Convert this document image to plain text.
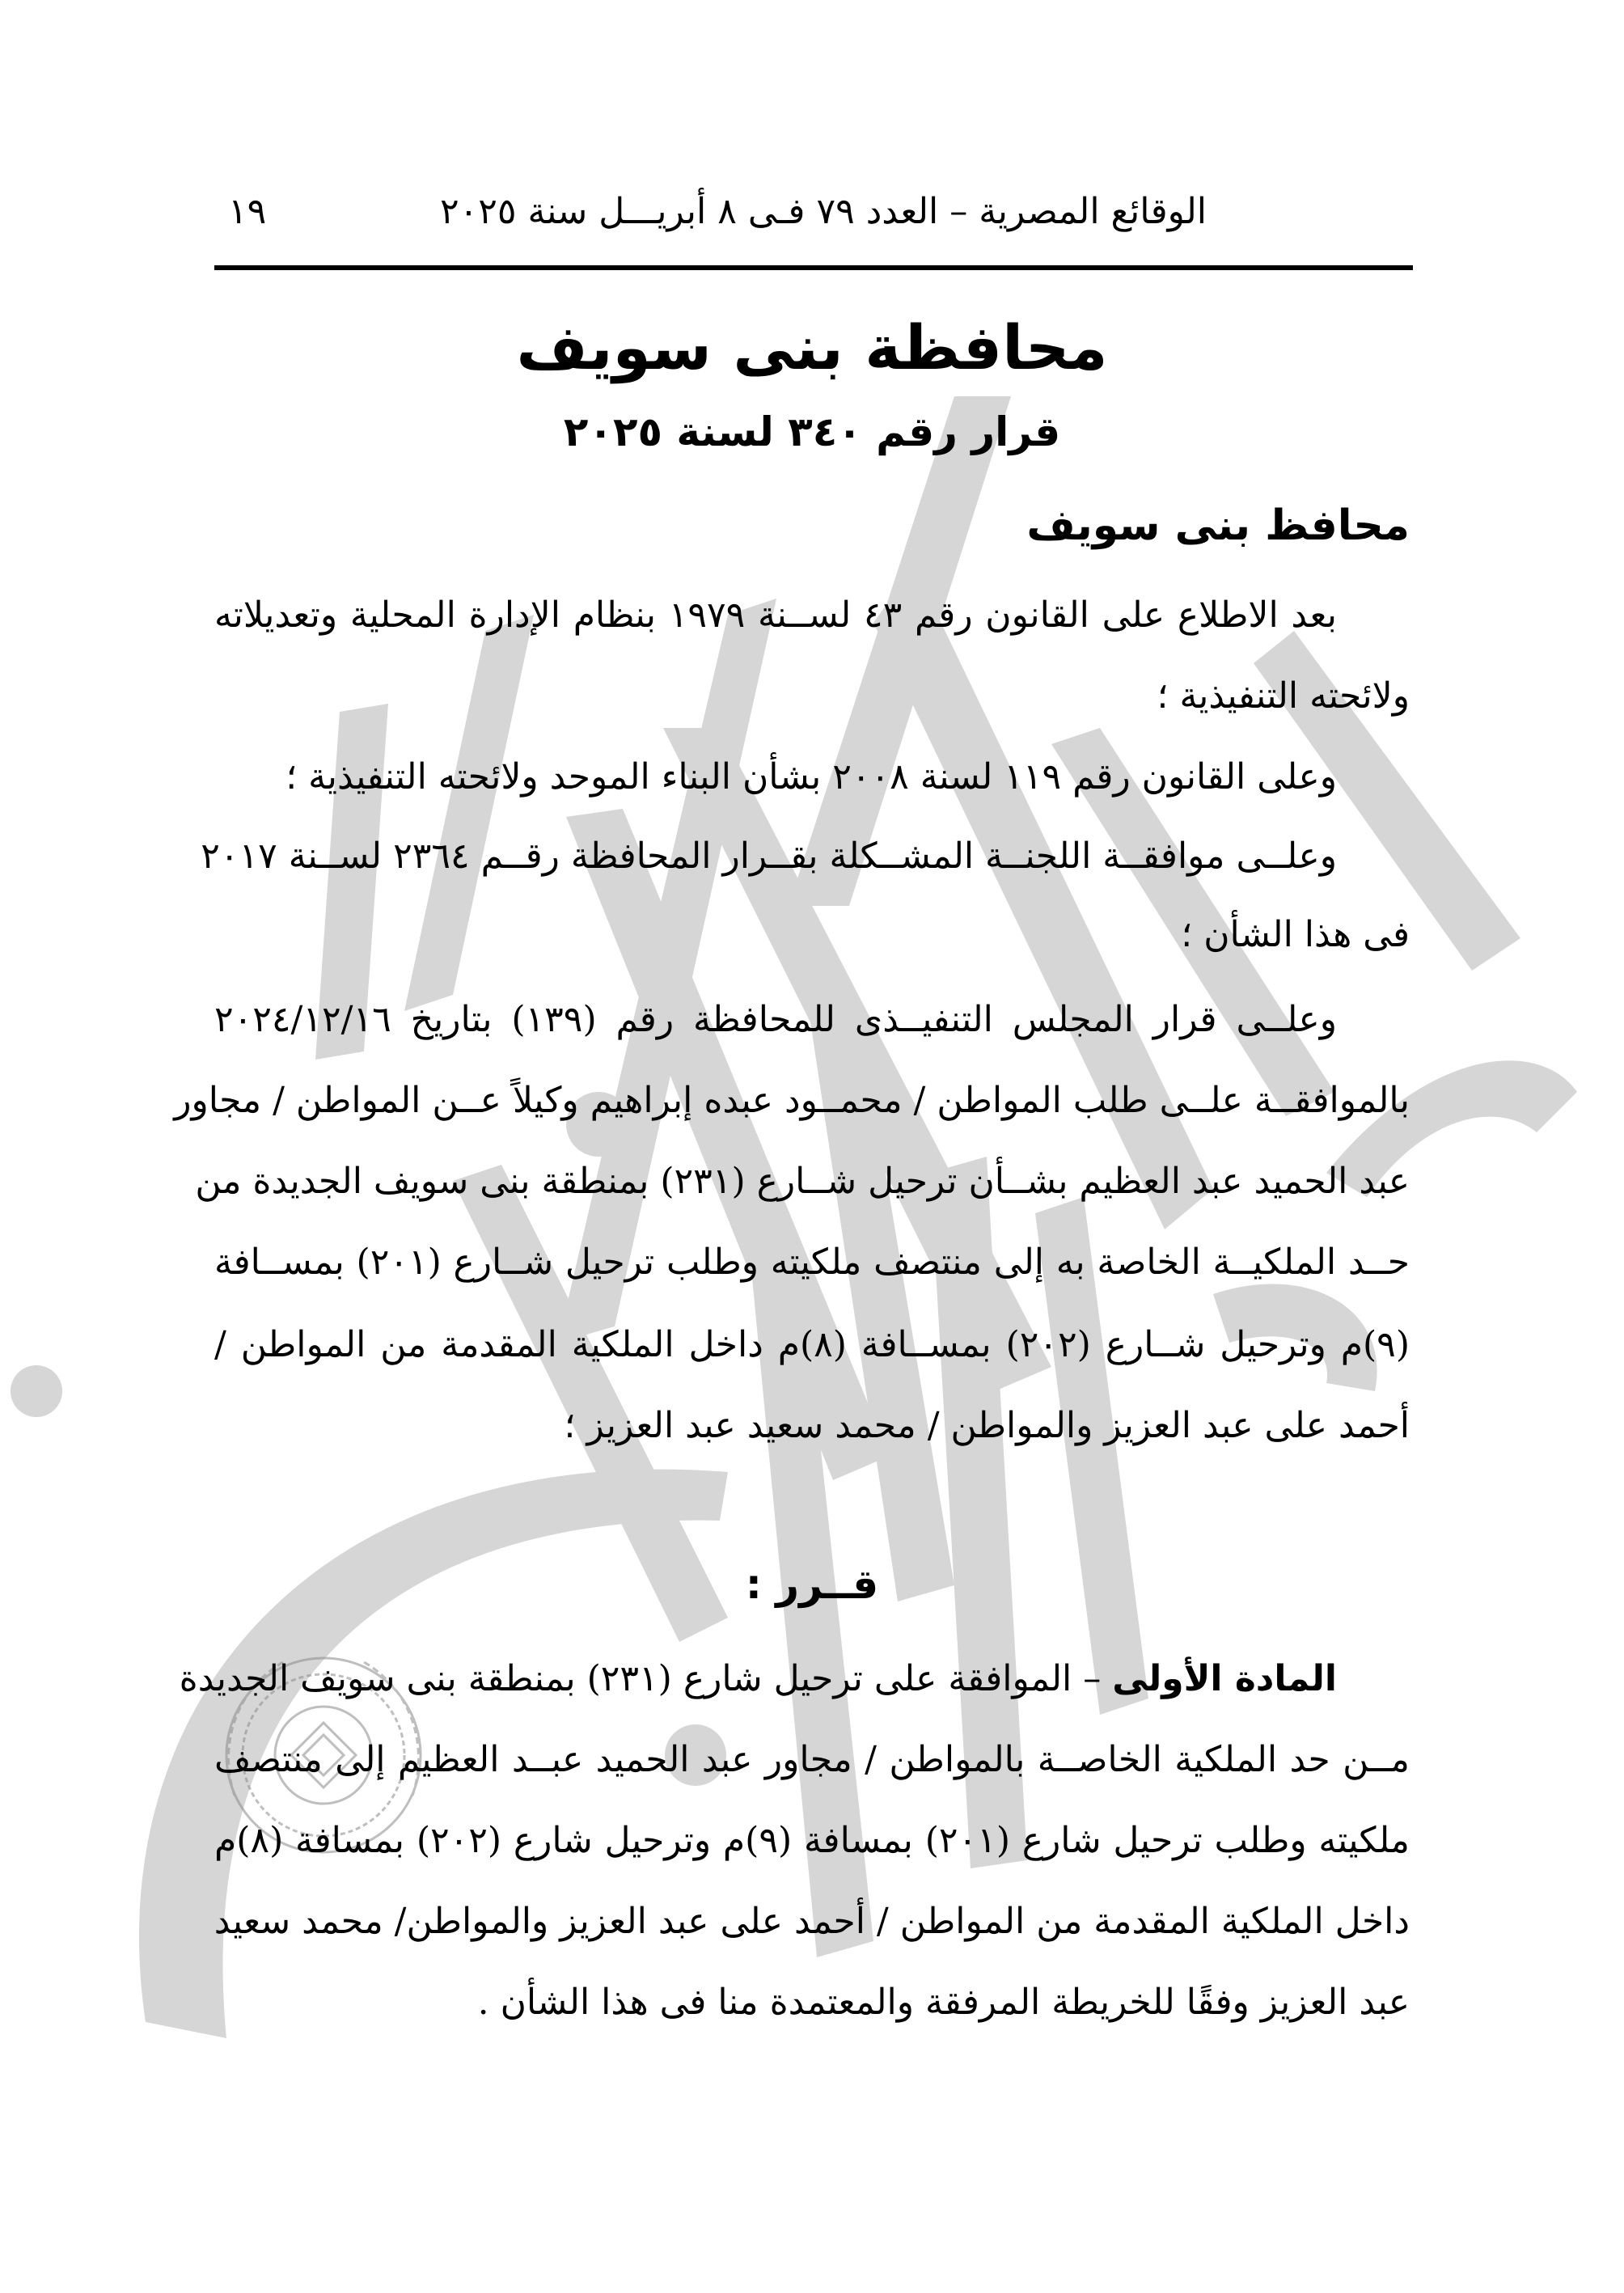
الوقائع المصرية – العدد ٧٩ فـى ٨ أبريـــل سنة ٢٠٢٥
١٩
محافظة بنى سويف
قرار رقم ٣٤٠ لسنة ٢٠٢٥
محافظ بنى سويف
بعد الاطلاع على القانون رقم ٤٣ لســنة ١٩٧٩ بنظام الإدارة المحلية وتعديلاته
ولائحته التنفيذية ؛
وعلى القانون رقم ١١٩ لسنة ٢٠٠٨ بشأن البناء الموحد ولائحته التنفيذية ؛
وعلــى موافقــة اللجنــة المشــكلة بقــرار المحافظة رقــم ٢٣٦٤ لســنة ٢٠١٧
فى هذا الشأن ؛
وعلــى قرار المجلس التنفيــذى للمحافظة رقم (١٣٩) بتاريخ ٢٠٢٤/١٢/١٦
بالموافقــة علــى طلب المواطن / محمــود عبده إبراهيم وكيلاً عــن المواطن / مجاور
عبد الحميد عبد العظيم بشــأن ترحيل شــارع (٢٣١) بمنطقة بنى سويف الجديدة من
حــد الملكيــة الخاصة به إلى منتصف ملكيته وطلب ترحيل شــارع (٢٠١) بمســافة
(٩)م وترحيل شــارع (٢٠٢) بمســافة (٨)م داخل الملكية المقدمة من المواطن /
أحمد على عبد العزيز والمواطن / محمد سعيد عبد العزيز ؛
قــرر :
المادة الأولى – الموافقة على ترحيل شارع (٢٣١) بمنطقة بنى سويف الجديدة
مــن حد الملكية الخاصــة بالمواطن / مجاور عبد الحميد عبــد العظيم إلى منتصف
ملكيته وطلب ترحيل شارع (٢٠١) بمسافة (٩)م وترحيل شارع (٢٠٢) بمسافة (٨)م
داخل الملكية المقدمة من المواطن / أحمد على عبد العزيز والمواطن/ محمد سعيد
عبد العزيز وفقًا للخريطة المرفقة والمعتمدة منا فى هذا الشأن .
